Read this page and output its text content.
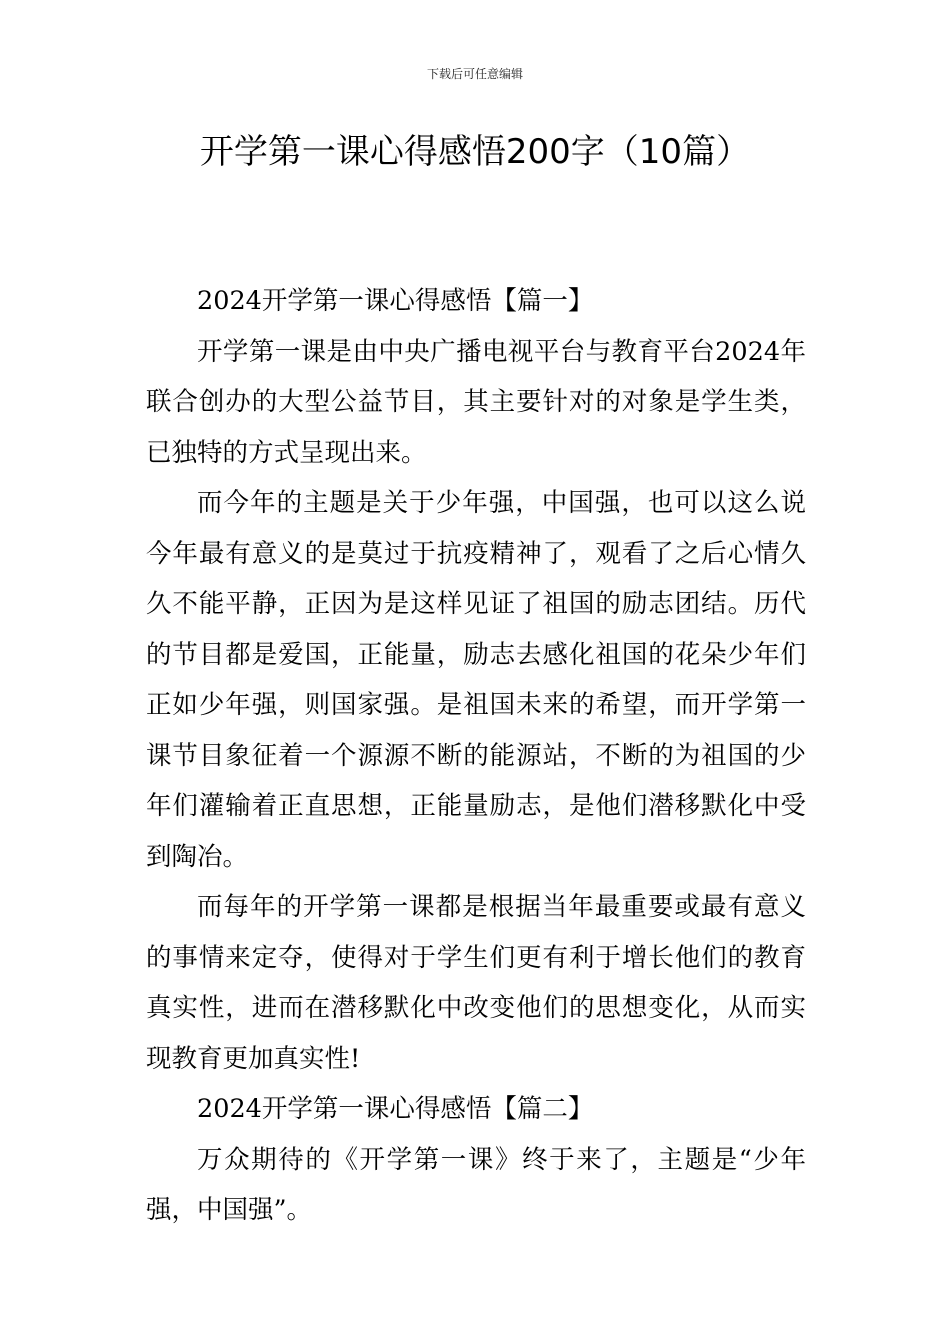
下载后可任意编辑
开学第一课心得感悟200字（10篇）
2024开学第一课心得感悟【篇一】

开学第一课是由中央广播电视平台与教育平台2024年联合创办的大型公益节目，其主要针对的对象是学生类，已独特的方式呈现出来。

而今年的主题是关于少年强，中国强，也可以这么说今年最有意义的是莫过于抗疫精神了，观看了之后心情久久不能平静，正因为是这样见证了祖国的励志团结。历代的节目都是爱国，正能量，励志去感化祖国的花朵少年们正如少年强，则国家强。是祖国未来的希望，而开学第一课节目象征着一个源源不断的能源站，不断的为祖国的少年们灌输着正直思想，正能量励志，是他们潜移默化中受到陶冶。

而每年的开学第一课都是根据当年最重要或最有意义的事情来定夺，使得对于学生们更有利于增长他们的教育真实性，进而在潜移默化中改变他们的思想变化，从而实现教育更加真实性!

2024开学第一课心得感悟【篇二】

万众期待的《开学第一课》终于来了，主题是“少年强，中国强”。
